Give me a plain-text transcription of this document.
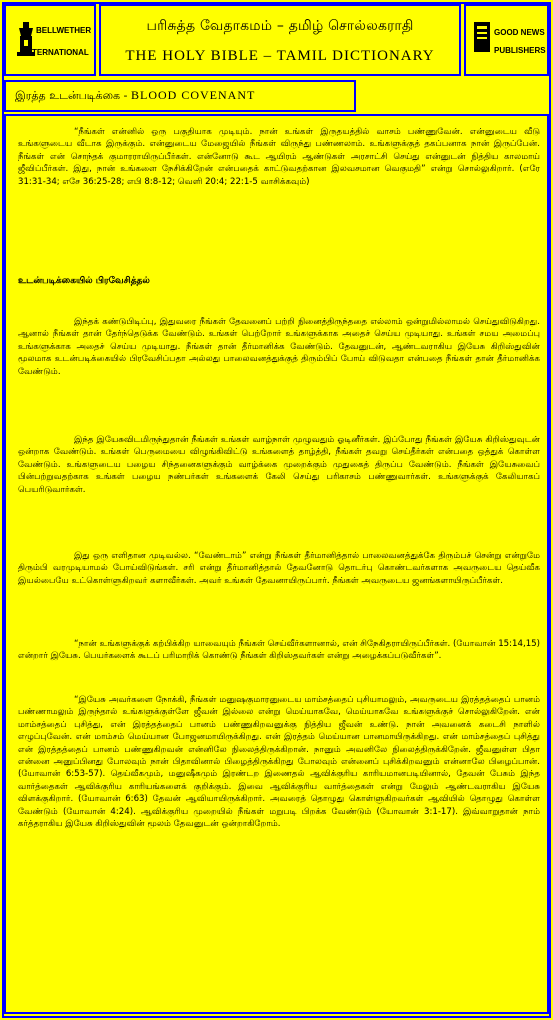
BELLWETHER
INTERNATIONAL
பரிசுத்த வேதாகமம் – தமிழ் சொல்லகராதி
THE HOLY BIBLE – TAMIL DICTIONARY
GOOD NEWS
PUBLISHERS
இரத்த உடன்படிக்கை - BLOOD COVENANT
“நீங்கள் என்னில் ஒரு பகுதியாக முடியும். நான் உங்கள் இருதயத்தில் வாசம் பண்ணுவேன். என்னுடைய வீடு உங்களுடைய வீடாக இருக்கும். என்னுடைய மேஜையில் நீங்கள் விருந்து பண்ணலாம். உங்களுக்குத் தகப்பனாக நான் இருப்பேன். நீங்கள் என் சொந்தக் குமாரராயிருப்பீர்கள். என்னோடு கூட ஆயிரம் ஆண்டுகள் அரசாட்சி செய்து என்னுடன் நித்திய காலமாய் ஜீவிப்பீர்கள். இது, நான் உங்களை நேசிக்கிறேன் என்பதைக் காட்டுவதற்கான இலவசமான வெகுமதி” என்று சொல்லுகிறார். (எரே 31:31-34; எசே 36:25-28; எபி 8:8-12; வெளி 20:4; 22:1-5 வாசிக்கவும்)
உடன்படிக்கையில் பிரவேசித்தல்
இந்தக் கண்டுபிடிப்பு, இதுவரை நீங்கள் தேவனைப் பற்றி நினைத்திருந்ததை எல்லாம் ஒன்றுமில்லாமல் செய்துவிடுகிறது. ஆனால் நீங்கள் தான் தேர்ந்தெடுக்க வேண்டும். உங்கள் பெற்றோர் உங்களுக்காக அதைச் செய்ய முடியாது. உங்கள் சமய அமைப்பு உங்களுக்காக அதைச் செய்ய முடியாது. நீங்கள் தான் தீர்மானிக்க வேண்டும். தேவனுடன், ஆண்டவராகிய இயேசு கிறிஸ்துவின் மூலமாக உடன்படிக்கையில் பிரவேசிப்பதா அல்லது பாலைவனத்துக்குத் திரும்பிப் போய் விடுவதா என்பதை நீங்கள் தான் தீர்மானிக்க வேண்டும்.
இந்த இயேசுவிடமிருந்துதான் நீங்கள் உங்கள் வாழ்நாள் முழுவதும் ஓடினீர்கள். இப்போது நீங்கள் இயேசு கிறிஸ்துவுடன் ஒன்றாக வேண்டும். உங்கள் பெருமையை விழுங்கிவிட்டு உங்களைத் தாழ்த்தி, நீங்கள் தவறு செய்தீர்கள் என்பதை ஒத்துக் கொள்ள வேண்டும். உங்களுடைய பழைய சிந்தனைகளுக்கும் வாழ்க்கை முறைக்கும் முதுகைத் திருப்ப வேண்டும். நீங்கள் இயேசுவைப் பின்பற்றுவதற்காக உங்கள் பழைய நண்பர்கள் உங்களைக் கேலி செய்து பரிகாசம் பண்ணுவார்கள். உங்களுக்குக் கேலியாகப் பெயரிடுவார்கள்.
இது ஒரு எளிதான முடிவல்ல. “வேண்டாம்” என்று நீங்கள் தீர்மானித்தால் பாலைவனத்துக்கே திரும்பச் சென்று என்றுமே திரும்பி வரமுடியாமல் போய்விடுங்கள். சரி என்று தீர்மானித்தால் தேவனோடு தொடர்பு கொண்டவர்களாக அவருடைய தெய்வீக இயல்பையே உட்கொள்ளுகிறவர் களாவீர்கள். அவர் உங்கள் தேவனாயிருப்பார். நீங்கள் அவருடைய ஜனங்களாயிருப்பீர்கள்.
“நான் உங்களுக்குக் கற்பிக்கிற யாவையும் நீங்கள் செய்வீர்களானால், என் சிநேகிதராயிருப்பீர்கள். (யோவான் 15:14,15) என்றார் இயேசு. பெயர்களைக் கூடப் பரிமாறிக் கொண்டு நீங்கள் கிறிஸ்தவர்கள் என்று அழைக்கப்படுவீர்கள்”.
“இயேசு அவர்களை நோக்கி, நீங்கள் மனுஷகுமாரனுடைய மாம்சத்தைப் புசியாமலும், அவருடைய இரத்தத்தைப் பானம் பண்ணாமலும் இருந்தால் உங்களுக்குள்ளே ஜீவன் இல்லை என்று மெய்யாகவே, மெய்யாகவே உங்களுக்குச் சொல்லுகிறேன். என் மாம்சத்தைப் புசித்து, என் இரத்தத்தைப் பானம் பண்ணுகிறவனுக்கு நித்திய ஜீவன் உண்டு. நான் அவனைக் கடைசி நாளில் எழுப்புவேன். என் மாம்சம் மெய்யான போஜனமாயிருக்கிறது. என் இரத்தம் மெய்யான பானமாயிருக்கிறது. என் மாம்சத்தைப் புசித்து என் இரத்தத்தைப் பானம் பண்ணுகிறவன் என்னிலே நிலைத்திருக்கிறான். நானும் அவனிலே நிலைத்திருக்கிறேன். ஜீவனுள்ள பிதா என்னை அனுப்பினது போலவும் நான் பிதாவினால் பிழைத்திருக்கிறது போலவும் என்னைப் புசிக்கிறவனும் என்னாலே பிழைப்பான். (யோவான் 6:53-57). தெய்வீகமும், மனுஷீகமும் இரண்டற இணைதல் ஆவிக்குரிய காரியமானபடியினால், தேவன் பேசும் இந்த வார்த்தைகள் ஆவிக்குரிய காரியங்களைக் குறிக்கும். இவை ஆவிக்குரிய வார்த்தைகள் என்று மேலும் ஆண்டவராகிய இயேசு விளக்குகிறார். (யோவான் 6:63) தேவன் ஆவியாயிருக்கிறார். அவரைத் தொழுது கொள்ளுகிறவர்கள் ஆவியில் தொழுது கொள்ள வேண்டும் (யோவான் 4:24). ஆவிக்குரிய முறையில் நீங்கள் மறுபடி பிறக்க வேண்டும் (யோவான் 3:1-17). இவ்வாறுதான் நாம் கர்த்தராகிய இயேசு கிறிஸ்துவின் மூலம் தேவனுடன் ஒன்றாகிறோம்.
